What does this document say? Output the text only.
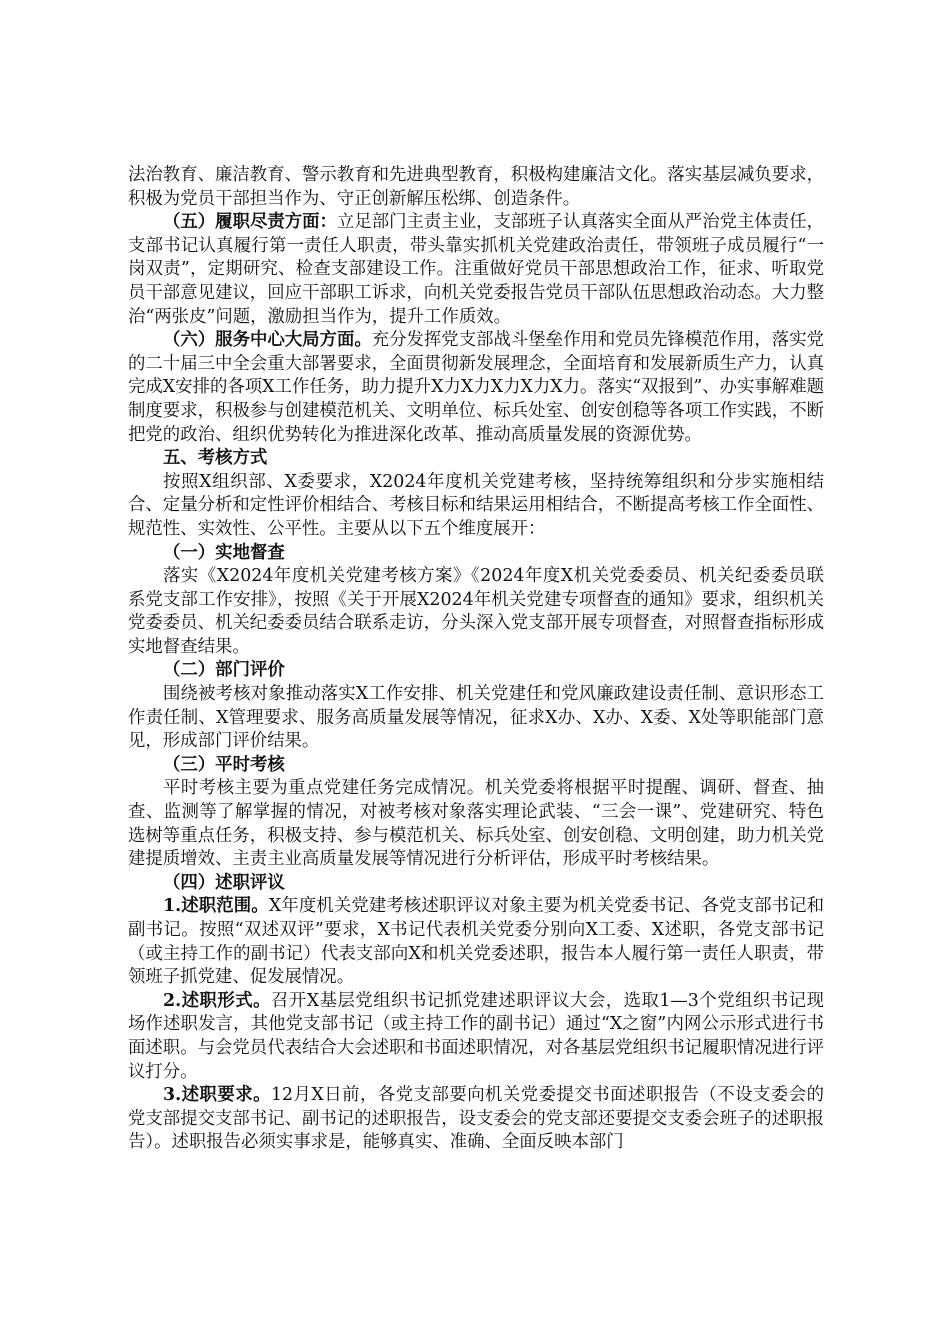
法治教育、廉洁教育、警示教育和先进典型教育，积极构建廉洁文化。落实基层减负要求，积极为党员干部担当作为、守正创新解压松绑、创造条件。

（五）履职尽责方面：立足部门主责主业，支部班子认真落实全面从严治党主体责任，支部书记认真履行第一责任人职责，带头靠实抓机关党建政治责任，带领班子成员履行“一岗双责”，定期研究、检查支部建设工作。注重做好党员干部思想政治工作，征求、听取党员干部意见建议，回应干部职工诉求，向机关党委报告党员干部队伍思想政治动态。大力整治“两张皮”问题，激励担当作为，提升工作质效。

（六）服务中心大局方面。充分发挥党支部战斗堡垒作用和党员先锋模范作用，落实党的二十届三中全会重大部署要求，全面贯彻新发展理念，全面培育和发展新质生产力，认真完成X安排的各项X工作任务，助力提升X力X力X力X力X力。落实“双报到”、办实事解难题制度要求，积极参与创建模范机关、文明单位、标兵处室、创安创稳等各项工作实践，不断把党的政治、组织优势转化为推进深化改革、推动高质量发展的资源优势。

五、考核方式

按照X组织部、X委要求，X2024年度机关党建考核，坚持统筹组织和分步实施相结合、定量分析和定性评价相结合、考核目标和结果运用相结合，不断提高考核工作全面性、规范性、实效性、公平性。主要从以下五个维度展开：

（一）实地督查

落实《X2024年度机关党建考核方案》《2024年度X机关党委委员、机关纪委委员联系党支部工作安排》，按照《关于开展X2024年机关党建专项督查的通知》要求，组织机关党委委员、机关纪委委员结合联系走访，分头深入党支部开展专项督查，对照督查指标形成实地督查结果。

（二）部门评价

围绕被考核对象推动落实X工作安排、机关党建任和党风廉政建设责任制、意识形态工作责任制、X管理要求、服务高质量发展等情况，征求X办、X办、X委、X处等职能部门意见，形成部门评价结果。

（三）平时考核

平时考核主要为重点党建任务完成情况。机关党委将根据平时提醒、调研、督查、抽查、监测等了解掌握的情况，对被考核对象落实理论武装、“三会一课”、党建研究、特色选树等重点任务，积极支持、参与模范机关、标兵处室、创安创稳、文明创建，助力机关党建提质增效、主责主业高质量发展等情况进行分析评估，形成平时考核结果。

（四）述职评议

1.述职范围。X年度机关党建考核述职评议对象主要为机关党委书记、各党支部书记和副书记。按照“双述双评”要求，X书记代表机关党委分别向X工委、X述职，各党支部书记（或主持工作的副书记）代表支部向X和机关党委述职，报告本人履行第一责任人职责，带领班子抓党建、促发展情况。

2.述职形式。召开X基层党组织书记抓党建述职评议大会，选取1—3个党组织书记现场作述职发言，其他党支部书记（或主持工作的副书记）通过“X之窗”内网公示形式进行书面述职。与会党员代表结合大会述职和书面述职情况，对各基层党组织书记履职情况进行评议打分。

3.述职要求。12月X日前，各党支部要向机关党委提交书面述职报告（不设支委会的党支部提交支部书记、副书记的述职报告，设支委会的党支部还要提交支委会班子的述职报告）。述职报告必须实事求是，能够真实、准确、全面反映本部门
